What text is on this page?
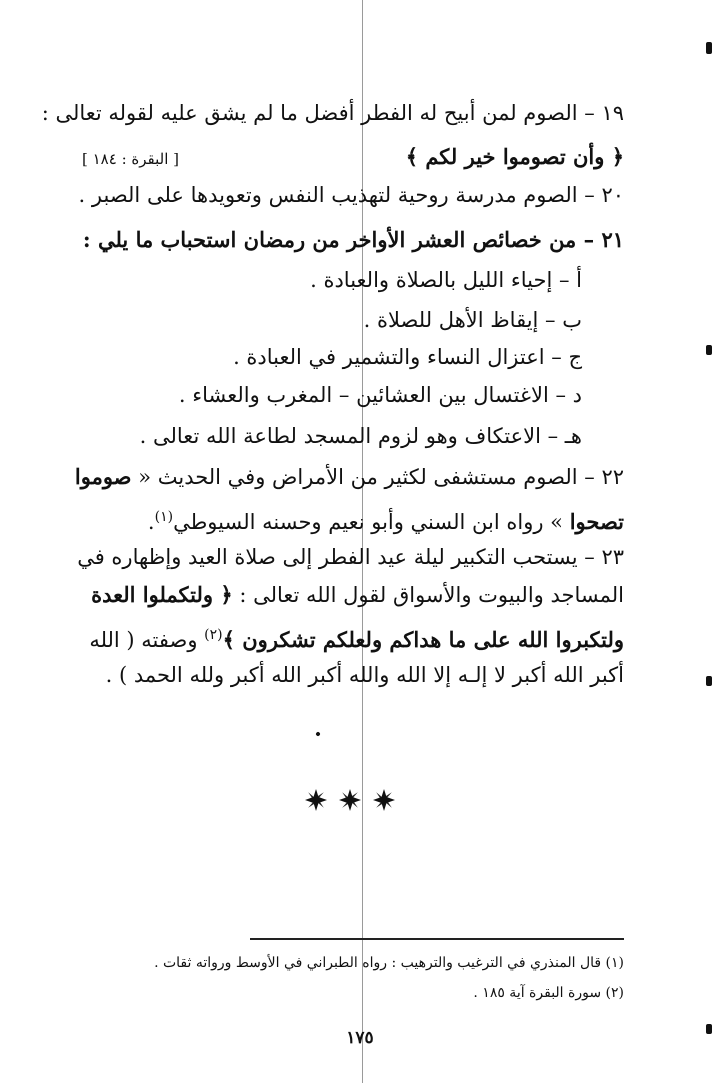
١٩ – الصوم لمن أبيح له الفطر أفضل ما لم يشق عليه لقوله تعالى :
﴿ وأن تصوموا خير لكم ﴾
[ البقرة : ١٨٤ ]
٢٠ – الصوم مدرسة روحية لتهذيب النفس وتعويدها على الصبر .
٢١ – من خصائص العشر الأواخر من رمضان استحباب ما يلي :
أ – إحياء الليل بالصلاة والعبادة .
ب – إيقاظ الأهل للصلاة .
ج – اعتزال النساء والتشمير في العبادة .
د – الاغتسال بين العشائين – المغرب والعشاء .
هـ – الاعتكاف وهو لزوم المسجد لطاعة الله تعالى .
٢٢ – الصوم مستشفى لكثير من الأمراض وفي الحديث « صوموا
تصحوا » رواه ابن السني وأبو نعيم وحسنه السيوطي$^{(١)}$.
٢٣ – يستحب التكبير ليلة عيد الفطر إلى صلاة العيد وإظهاره في
المساجد والبيوت والأسواق لقول الله تعالى : ﴿ ولتكملوا العدة
ولتكبروا الله على ما هداكم ولعلكم تشكرون ﴾$^{(٢)}$ وصفته ( الله
أكبر الله أكبر لا إلـه إلا الله والله أكبر الله أكبر ولله الحمد ) .
(١) قال المنذري في الترغيب والترهيب : رواه الطبراني في الأوسط ورواته ثقات .
(٢) سورة البقرة آية ١٨٥ .
١٧٥
